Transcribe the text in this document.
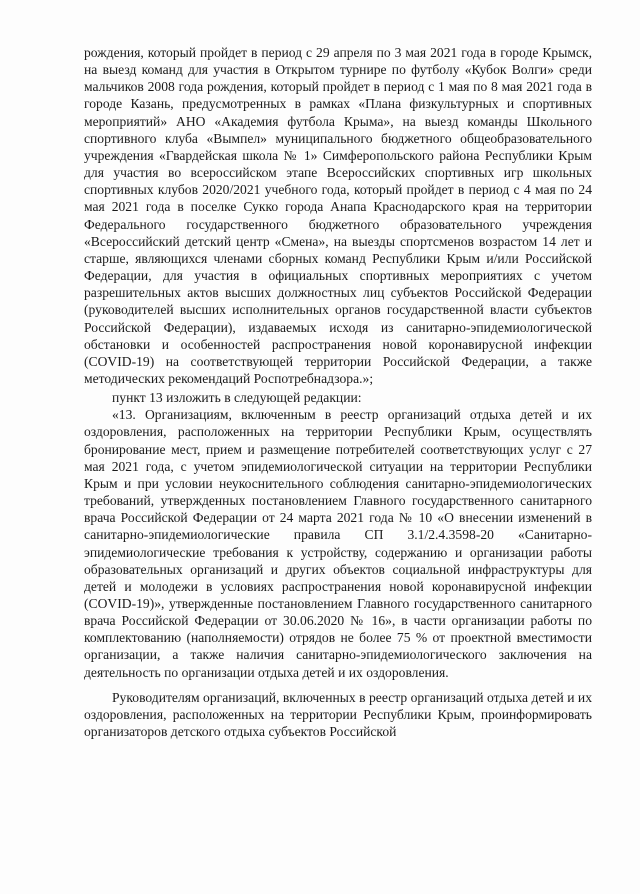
рождения, который пройдет в период с 29 апреля по 3 мая 2021 года в городе Крымск, на выезд команд для участия в Открытом турнире по футболу «Кубок Волги» среди мальчиков 2008 года рождения, который пройдет в период с 1 мая по 8 мая 2021 года в городе Казань, предусмотренных в рамках «Плана физкультурных и спортивных мероприятий» АНО «Академия футбола Крыма», на выезд команды Школьного спортивного клуба «Вымпел» муниципального бюджетного общеобразовательного учреждения «Гвардейская школа № 1» Симферопольского района Республики Крым для участия во всероссийском этапе Всероссийских спортивных игр школьных спортивных клубов 2020/2021 учебного года, который пройдет в период с 4 мая по 24 мая 2021 года в поселке Сукко города Анапа Краснодарского края на территории Федерального государственного бюджетного образовательного учреждения «Всероссийский детский центр «Смена», на выезды спортсменов возрастом 14 лет и старше, являющихся членами сборных команд Республики Крым и/или Российской Федерации, для участия в официальных спортивных мероприятиях с учетом разрешительных актов высших должностных лиц субъектов Российской Федерации (руководителей высших исполнительных органов государственной власти субъектов Российской Федерации), издаваемых исходя из санитарно-эпидемиологической обстановки и особенностей распространения новой коронавирусной инфекции (COVID-19) на соответствующей территории Российской Федерации, а также методических рекомендаций Роспотребнадзора.»;

пункт 13 изложить в следующей редакции:

«13. Организациям, включенным в реестр организаций отдыха детей и их оздоровления, расположенных на территории Республики Крым, осуществлять бронирование мест, прием и размещение потребителей соответствующих услуг с 27 мая 2021 года, с учетом эпидемиологической ситуации на территории Республики Крым и при условии неукоснительного соблюдения санитарно-эпидемиологических требований, утвержденных постановлением Главного государственного санитарного врача Российской Федерации от 24 марта 2021 года № 10 «О внесении изменений в санитарно-эпидемиологические правила СП 3.1/2.4.3598-20 «Санитарно-эпидемиологические требования к устройству, содержанию и организации работы образовательных организаций и других объектов социальной инфраструктуры для детей и молодежи в условиях распространения новой коронавирусной инфекции (COVID-19)», утвержденные постановлением Главного государственного санитарного врача Российской Федерации от 30.06.2020 № 16», в части организации работы по комплектованию (наполняемости) отрядов не более 75 % от проектной вместимости организации, а также наличия санитарно-эпидемиологического заключения на деятельность по организации отдыха детей и их оздоровления.

Руководителям организаций, включенных в реестр организаций отдыха детей и их оздоровления, расположенных на территории Республики Крым, проинформировать организаторов детского отдыха субъектов Российской
